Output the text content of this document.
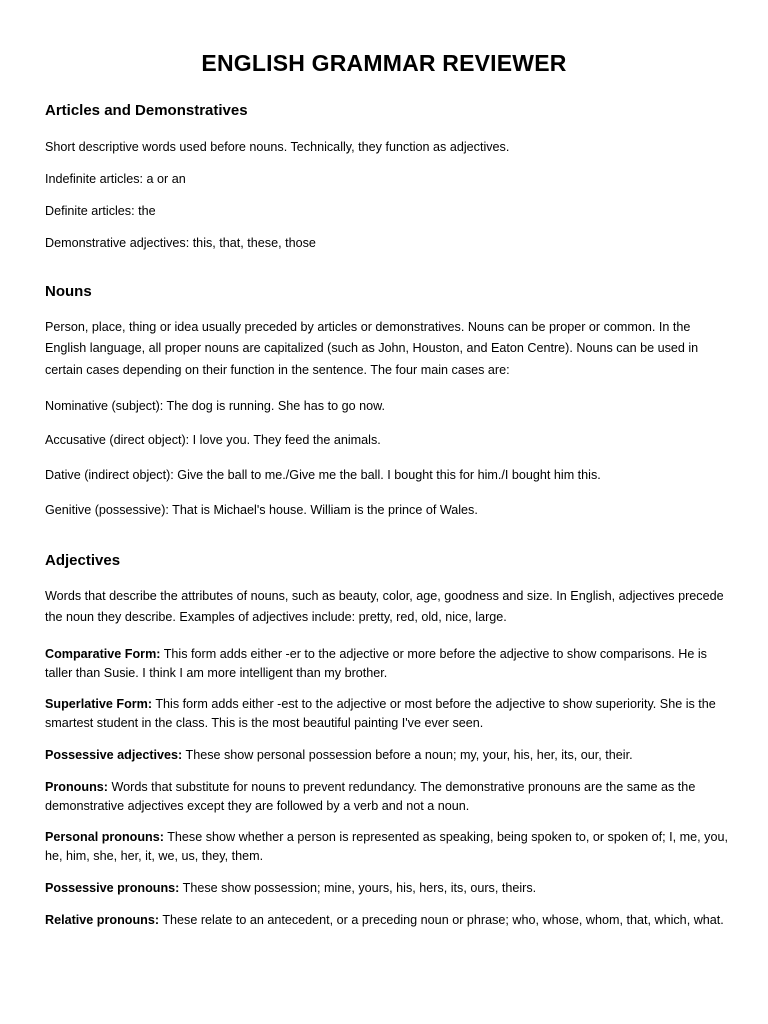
ENGLISH GRAMMAR REVIEWER
Articles and Demonstratives
Short descriptive words used before nouns. Technically, they function as adjectives.
Indefinite articles: a or an
Definite articles: the
Demonstrative adjectives: this, that, these, those
Nouns
Person, place, thing or idea usually preceded by articles or demonstratives. Nouns can be proper or common. In the English language, all proper nouns are capitalized (such as John, Houston, and Eaton Centre). Nouns can be used in certain cases depending on their function in the sentence. The four main cases are:
Nominative (subject): The dog is running. She has to go now.
Accusative (direct object): I love you. They feed the animals.
Dative (indirect object): Give the ball to me./Give me the ball. I bought this for him./I bought him this.
Genitive (possessive): That is Michael's house. William is the prince of Wales.
Adjectives
Words that describe the attributes of nouns, such as beauty, color, age, goodness and size. In English, adjectives precede the noun they describe. Examples of adjectives include: pretty, red, old, nice, large.
Comparative Form: This form adds either -er to the adjective or more before the adjective to show comparisons. He is taller than Susie. I think I am more intelligent than my brother.
Superlative Form: This form adds either -est to the adjective or most before the adjective to show superiority. She is the smartest student in the class. This is the most beautiful painting I've ever seen.
Possessive adjectives: These show personal possession before a noun; my, your, his, her, its, our, their.
Pronouns: Words that substitute for nouns to prevent redundancy. The demonstrative pronouns are the same as the demonstrative adjectives except they are followed by a verb and not a noun.
Personal pronouns: These show whether a person is represented as speaking, being spoken to, or spoken of; I, me, you, he, him, she, her, it, we, us, they, them.
Possessive pronouns: These show possession; mine, yours, his, hers, its, ours, theirs.
Relative pronouns: These relate to an antecedent, or a preceding noun or phrase; who, whose, whom, that, which, what.
